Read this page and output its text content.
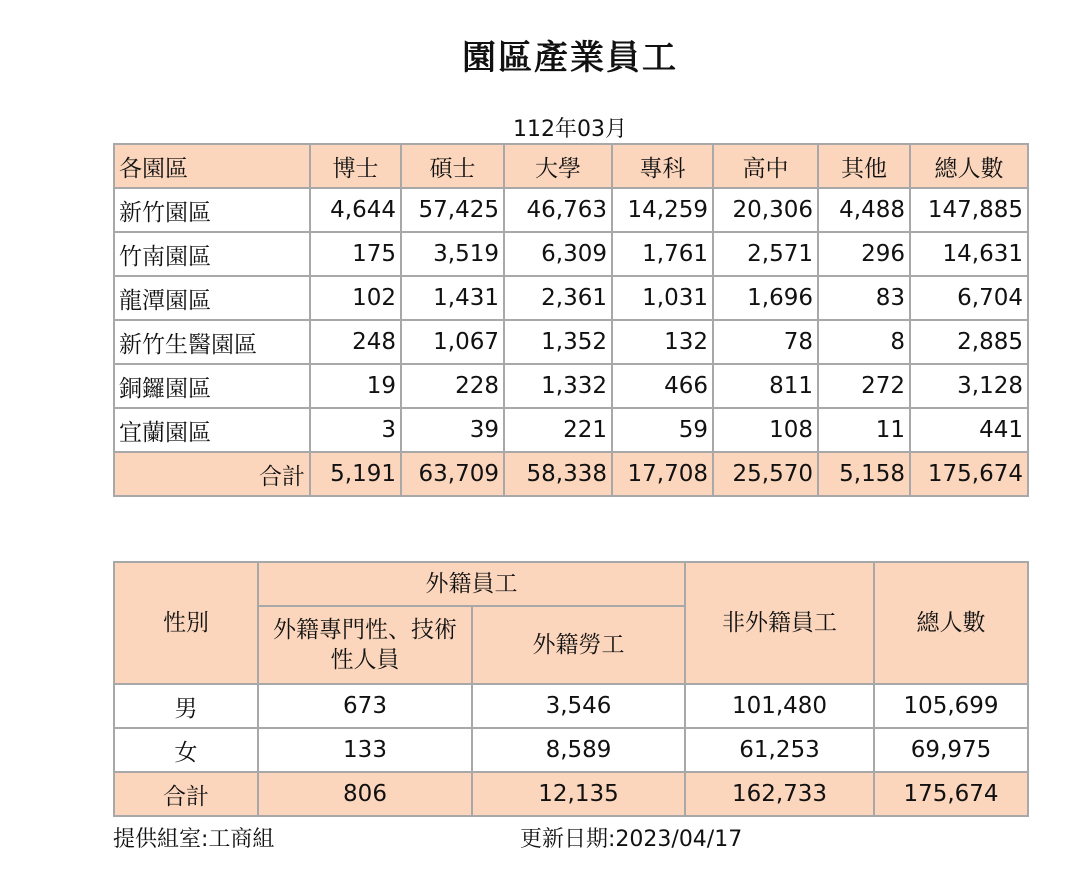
園區產業員工
112年03月
各園區	博士	碩士	大學	專科	高中	其他	總人數
新竹園區	4,644	57,425	46,763	14,259	20,306	4,488	147,885
竹南園區	175	3,519	6,309	1,761	2,571	296	14,631
龍潭園區	102	1,431	2,361	1,031	1,696	83	6,704
新竹生醫園區	248	1,067	1,352	132	78	8	2,885
銅鑼園區	19	228	1,332	466	811	272	3,128
宜蘭園區	3	39	221	59	108	11	441
合計	5,191	63,709	58,338	17,708	25,570	5,158	175,674
性別	外籍員工		非外籍員工	總人數
	外籍專門性、技術性人員	外籍勞工		
男	673	3,546	101,480	105,699
女	133	8,589	61,253	69,975
合計	806	12,135	162,733	175,674
提供組室:工商組	更新日期:2023/04/17
